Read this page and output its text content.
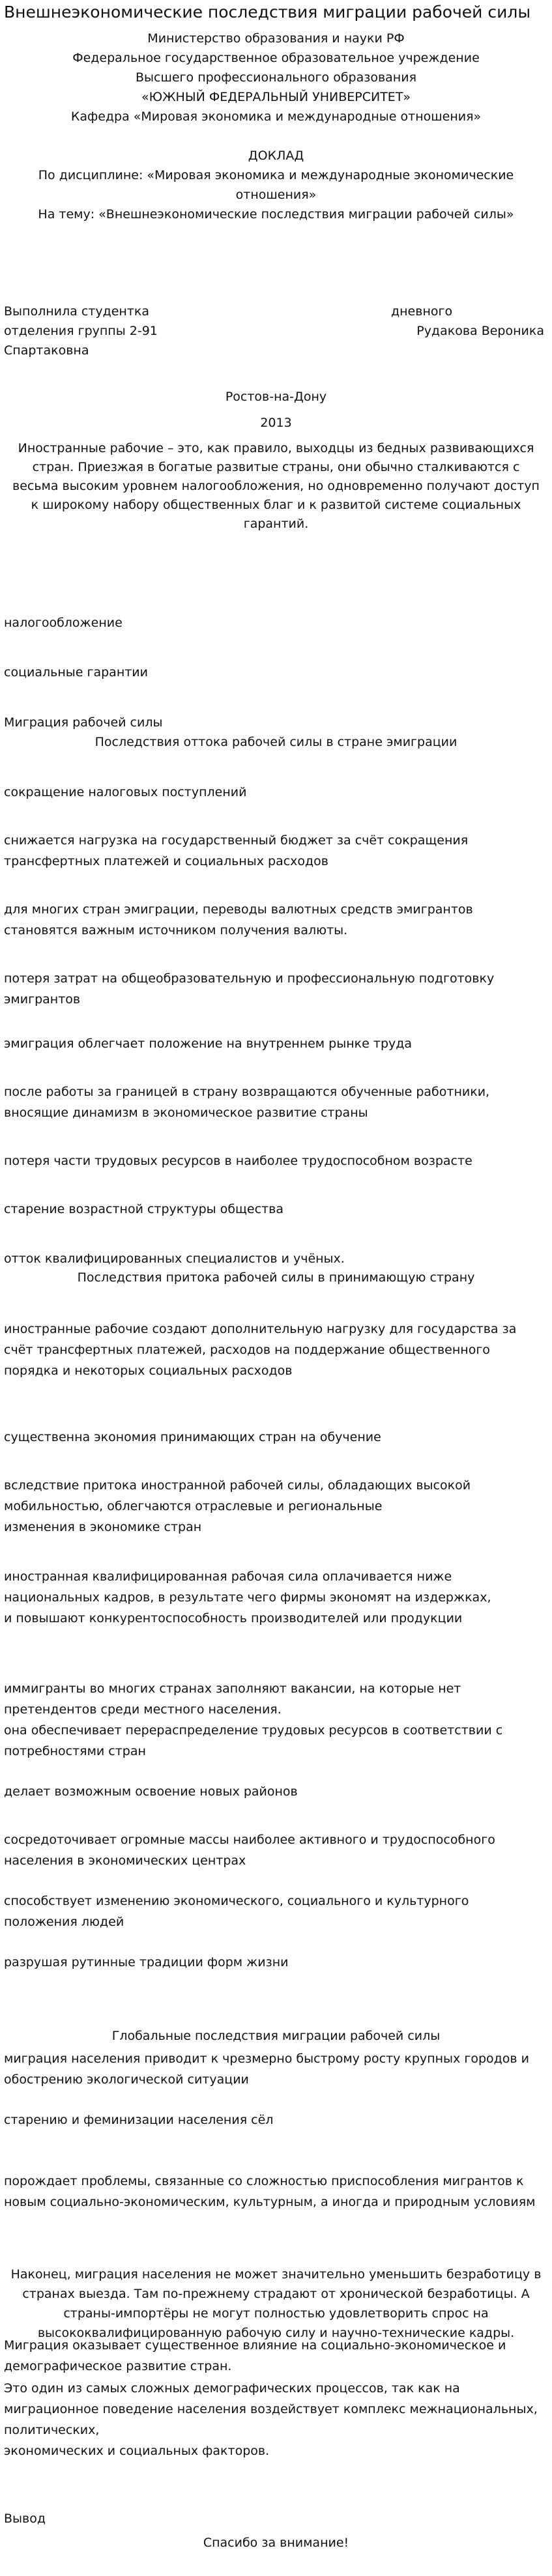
Внешнеэкономические последствия миграции рабочей силы
Министерство образования и науки РФ
Федеральное государственное образовательное учреждение
Высшего профессионального образования
«ЮЖНЫЙ ФЕДЕРАЛЬНЫЙ УНИВЕРСИТЕТ»
Кафедра «Мировая экономика и международные отношения»
ДОКЛАД
По дисциплине: «Мировая экономика и международные экономические
отношения»
На тему: «Внешнеэкономические последствия миграции рабочей силы»
Выполнила студентка	дневного
отделения группы 2-91	Рудакова Вероника
Спартаковна
Ростов-на-Дону
2013
Иностранные рабочие – это, как правило, выходцы из бедных развивающихся стран. Приезжая в богатые развитые страны, они обычно сталкиваются с весьма высоким уровнем налогообложения, но одновременно получают доступ к широкому набору общественных благ и к развитой системе социальных гарантий.
налогообложение
социальные гарантии
Миграция рабочей силы
Последствия оттока рабочей силы в стране эмиграции
сокращение налоговых поступлений
снижается нагрузка на государственный бюджет за счёт сокращения трансфертных платежей и социальных расходов
для многих стран эмиграции, переводы валютных средств эмигрантов становятся важным источником получения валюты.
потеря затрат на общеобразовательную и профессиональную подготовку эмигрантов
эмиграция облегчает положение на внутреннем рынке труда
после работы за границей в страну возвращаются обученные работники, вносящие динамизм в экономическое развитие страны
потеря части трудовых ресурсов в наиболее трудоспособном возрасте
старение возрастной структуры общества
отток квалифицированных специалистов и учёных.
Последствия притока рабочей силы в принимающую страну
иностранные рабочие создают дополнительную нагрузку для государства за счёт трансфертных платежей, расходов на поддержание общественного порядка и некоторых социальных расходов
существенна экономия принимающих стран на обучение
вследствие притока иностранной рабочей силы, обладающих высокой мобильностью, облегчаются отраслевые и региональные
изменения в экономике стран
иностранная квалифицированная рабочая сила оплачивается ниже национальных кадров, в результате чего фирмы экономят на издержках,
и повышают конкурентоспособность производителей или продукции
иммигранты во многих странах заполняют вакансии, на которые нет претендентов среди местного населения.
она обеспечивает перераспределение трудовых ресурсов в соответствии с потребностями стран
делает возможным освоение новых районов
сосредоточивает огромные массы наиболее активного и трудоспособного населения в экономических центрах
способствует изменению экономического, социального и культурного положения людей
разрушая рутинные традиции форм жизни
Глобальные последствия миграции рабочей силы
миграция населения приводит к чрезмерно быстрому росту крупных городов и обострению экологической ситуации
старению и феминизации населения сёл
порождает проблемы, связанные со сложностью приспособления мигрантов к новым социально-экономическим, культурным, а иногда и природным условиям
Наконец, миграция населения не может значительно уменьшить безработицу в странах выезда. Там по-прежнему страдают от хронической безработицы. А страны-импортёры не могут полностью удовлетворить спрос на высококвалифицированную рабочую силу и научно-технические кадры.
Миграция оказывает существенное влияние на социально-экономическое и демографическое развитие стран.
Это один из самых сложных демографических процессов, так как на миграционное поведение населения воздействует комплекс межнациональных, политических,
экономических и социальных факторов.
Вывод
Спасибо за внимание!
